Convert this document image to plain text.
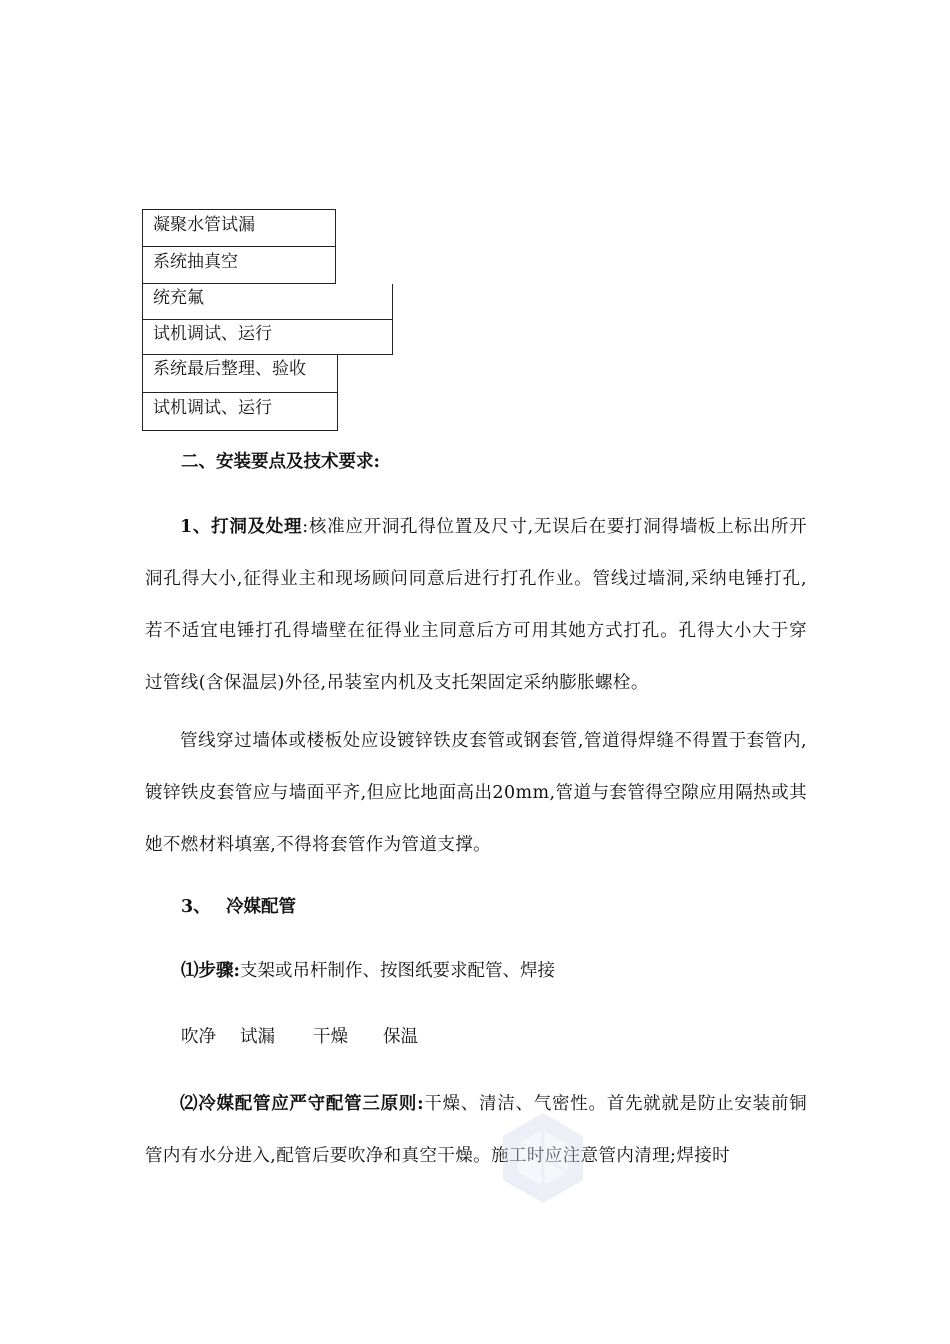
凝聚水管试漏
系统抽真空
统充氟
试机调试、运行
系统最后整理、验收
试机调试、运行
二、安装要点及技术要求:
1、打洞及处理:核准应开洞孔得位置及尺寸,无误后在要打洞得墙板上标出所开洞孔得大小,征得业主和现场顾问同意后进行打孔作业。管线过墙洞,采纳电锤打孔,若不适宜电锤打孔得墙壁在征得业主同意后方可用其她方式打孔。孔得大小大于穿过管线(含保温层)外径,吊装室内机及支托架固定采纳膨胀螺栓。
管线穿过墙体或楼板处应设镀锌铁皮套管或钢套管,管道得焊缝不得置于套管内,镀锌铁皮套管应与墙面平齐,但应比地面高出20mm,管道与套管得空隙应用隔热或其她不燃材料填塞,不得将套管作为管道支撑。
3、 冷媒配管
⑴步骤:支架或吊杆制作、按图纸要求配管、焊接
吹净 试漏 干燥 保温
⑵冷媒配管应严守配管三原则:干燥、清洁、气密性。首先就就是防止安装前铜管内有水分进入,配管后要吹净和真空干燥。施工时应注意管内清理;焊接时
